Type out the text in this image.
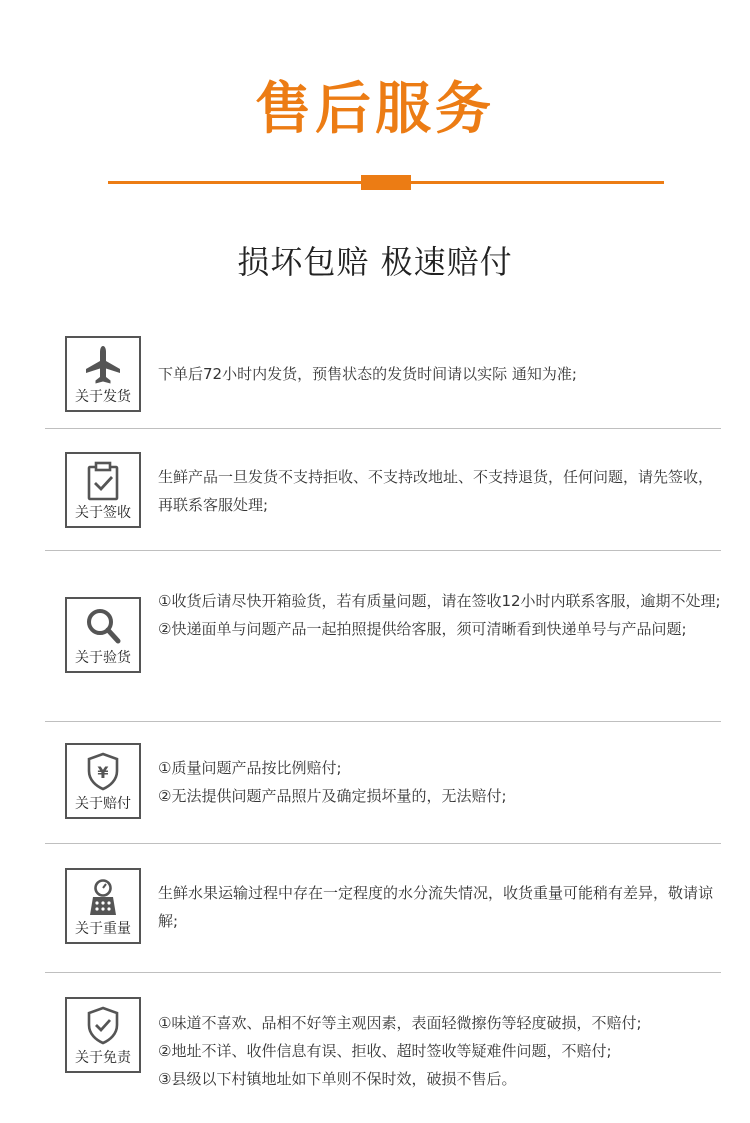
售后服务
损坏包赔 极速赔付
关于发货

下单后72小时内发货，预售状态的发货时间请以实际 通知为准;

关于签收

生鲜产品一旦发货不支持拒收、不支持改地址、不支持退货，任何问题，请先签收，再联系客服处理;

关于验货

①收货后请尽快开箱验货，若有质量问题，请在签收12小时内联系客服，逾期不处理;

②快递面单与问题产品一起拍照提供给客服，须可清晰看到快递单号与产品问题;

¥
关于赔付

①质量问题产品按比例赔付;

②无法提供问题产品照片及确定损坏量的，无法赔付;

关于重量

生鲜水果运输过程中存在一定程度的水分流失情况，收货重量可能稍有差异，敬请谅解;

关于免责

①味道不喜欢、品相不好等主观因素，表面轻微擦伤等轻度破损，不赔付;

②地址不详、收件信息有误、拒收、超时签收等疑难件问题，不赔付;

③县级以下村镇地址如下单则不保时效，破损不售后。
